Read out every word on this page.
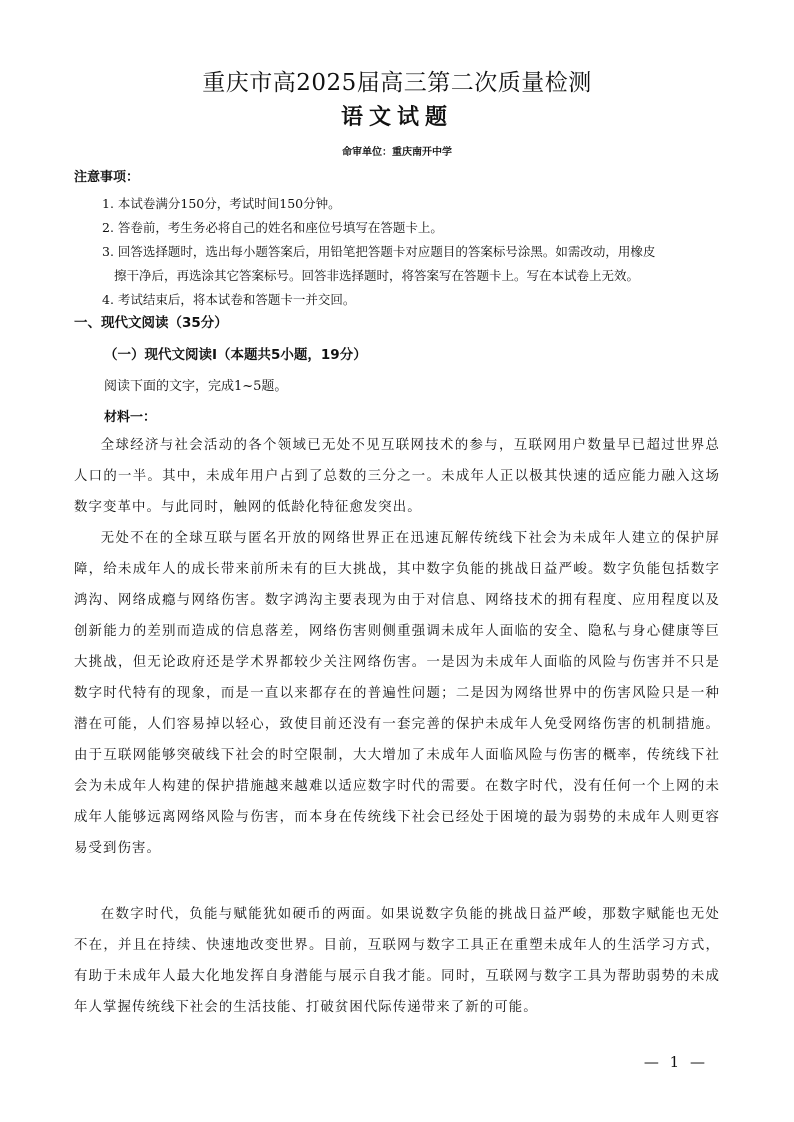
重庆市高2025届高三第二次质量检测
语文试题
命审单位：重庆南开中学
注意事项：
1. 本试卷满分150分，考试时间150分钟。
2. 答卷前，考生务必将自己的姓名和座位号填写在答题卡上。
3. 回答选择题时，选出每小题答案后，用铅笔把答题卡对应题目的答案标号涂黑。如需改动，用橡皮
擦干净后，再选涂其它答案标号。回答非选择题时，将答案写在答题卡上。写在本试卷上无效。
4. 考试结束后，将本试卷和答题卡一并交回。
一、现代文阅读（35分）
（一）现代文阅读Ⅰ（本题共5小题，19分）
阅读下面的文字，完成1~5题。
材料一：

全球经济与社会活动的各个领域已无处不见互联网技术的参与，互联网用户数量早已超过世界总人口的一半。其中，未成年用户占到了总数的三分之一。未成年人正以极其快速的适应能力融入这场数字变革中。与此同时，触网的低龄化特征愈发突出。

无处不在的全球互联与匿名开放的网络世界正在迅速瓦解传统线下社会为未成年人建立的保护屏障，给未成年人的成长带来前所未有的巨大挑战，其中数字负能的挑战日益严峻。数字负能包括数字鸿沟、网络成瘾与网络伤害。数字鸿沟主要表现为由于对信息、网络技术的拥有程度、应用程度以及创新能力的差别而造成的信息落差，网络伤害则侧重强调未成年人面临的安全、隐私与身心健康等巨大挑战，但无论政府还是学术界都较少关注网络伤害。一是因为未成年人面临的风险与伤害并不只是数字时代特有的现象，而是一直以来都存在的普遍性问题；二是因为网络世界中的伤害风险只是一种潜在可能，人们容易掉以轻心，致使目前还没有一套完善的保护未成年人免受网络伤害的机制措施。由于互联网能够突破线下社会的时空限制，大大增加了未成年人面临风险与伤害的概率，传统线下社会为未成年人构建的保护措施越来越难以适应数字时代的需要。在数字时代，没有任何一个上网的未成年人能够远离网络风险与伤害，而本身在传统线下社会已经处于困境的最为弱势的未成年人则更容易受到伤害。

在数字时代，负能与赋能犹如硬币的两面。如果说数字负能的挑战日益严峻，那数字赋能也无处不在，并且在持续、快速地改变世界。目前，互联网与数字工具正在重塑未成年人的生活学习方式，有助于未成年人最大化地发挥自身潜能与展示自我才能。同时，互联网与数字工具为帮助弱势的未成年人掌握传统线下社会的生活技能、打破贫困代际传递带来了新的可能。

— 1 —
